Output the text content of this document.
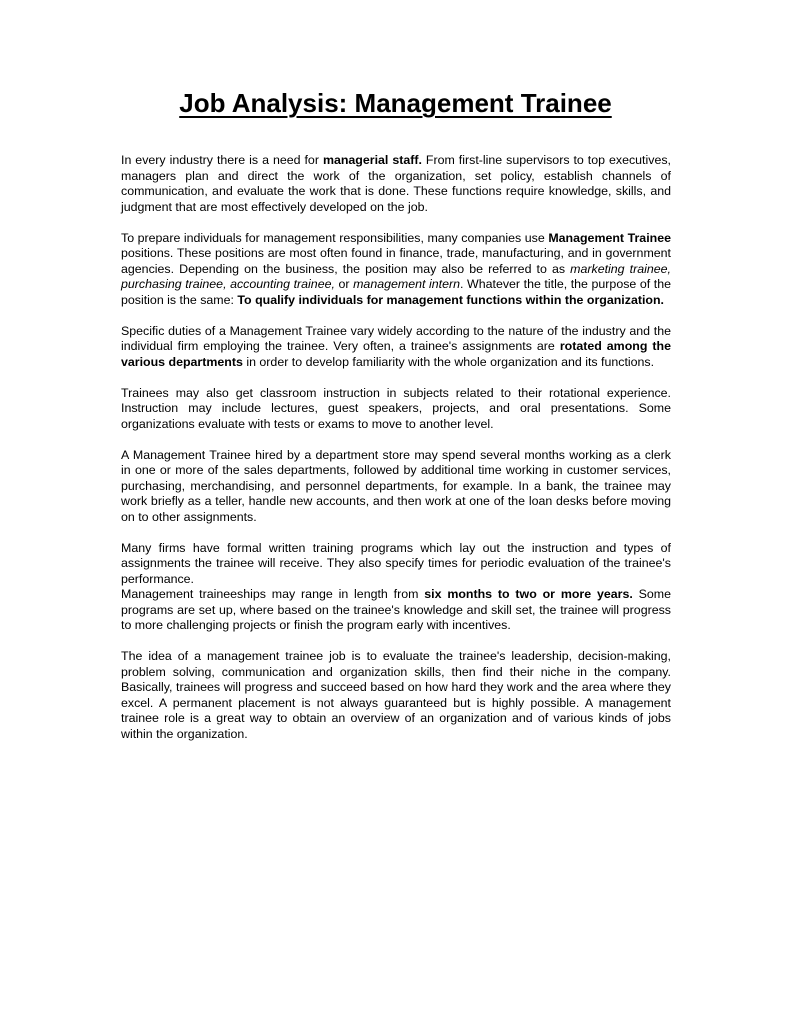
Job Analysis: Management Trainee

In every industry there is a need for managerial staff. From first-line supervisors to top executives, managers plan and direct the work of the organization, set policy, establish channels of communication, and evaluate the work that is done. These functions require knowledge, skills, and judgment that are most effectively developed on the job.

To prepare individuals for management responsibilities, many companies use Management Trainee positions. These positions are most often found in finance, trade, manufacturing, and in government agencies. Depending on the business, the position may also be referred to as marketing trainee, purchasing trainee, accounting trainee, or management intern. Whatever the title, the purpose of the position is the same: To qualify individuals for management functions within the organization.

Specific duties of a Management Trainee vary widely according to the nature of the industry and the individual firm employing the trainee. Very often, a trainee's assignments are rotated among the various departments in order to develop familiarity with the whole organization and its functions.

Trainees may also get classroom instruction in subjects related to their rotational experience. Instruction may include lectures, guest speakers, projects, and oral presentations. Some organizations evaluate with tests or exams to move to another level.

A Management Trainee hired by a department store may spend several months working as a clerk in one or more of the sales departments, followed by additional time working in customer services, purchasing, merchandising, and personnel departments, for example. In a bank, the trainee may work briefly as a teller, handle new accounts, and then work at one of the loan desks before moving on to other assignments.

Many firms have formal written training programs which lay out the instruction and types of assignments the trainee will receive. They also specify times for periodic evaluation of the trainee's performance.

Management traineeships may range in length from six months to two or more years. Some programs are set up, where based on the trainee's knowledge and skill set, the trainee will progress to more challenging projects or finish the program early with incentives.

The idea of a management trainee job is to evaluate the trainee's leadership, decision-making, problem solving, communication and organization skills, then find their niche in the company. Basically, trainees will progress and succeed based on how hard they work and the area where they excel. A permanent placement is not always guaranteed but is highly possible. A management trainee role is a great way to obtain an overview of an organization and of various kinds of jobs within the organization.
